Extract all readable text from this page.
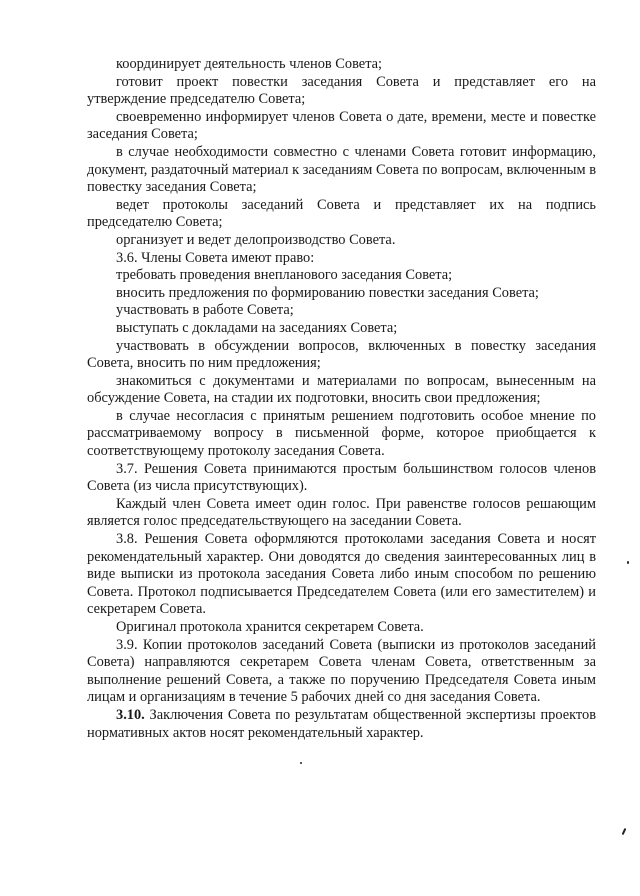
координирует деятельность членов Совета;

готовит проект повестки заседания Совета и представляет его на утверждение председателю Совета;

своевременно информирует членов Совета о дате, времени, месте и повестке заседания Совета;

в случае необходимости совместно с членами Совета готовит информацию, документ, раздаточный материал к заседаниям Совета по вопросам, включенным в повестку заседания Совета;

ведет протоколы заседаний Совета и представляет их на подпись председателю Совета;

организует и ведет делопроизводство Совета.

3.6. Члены Совета имеют право:

требовать проведения внепланового заседания Совета;

вносить предложения по формированию повестки заседания Совета;

участвовать в работе Совета;

выступать с докладами на заседаниях Совета;

участвовать в обсуждении вопросов, включенных в повестку заседания Совета, вносить по ним предложения;

знакомиться с документами и материалами по вопросам, вынесенным на обсуждение Совета, на стадии их подготовки, вносить свои предложения;

в случае несогласия с принятым решением подготовить особое мнение по рассматриваемому вопросу в письменной форме, которое приобщается к соответствующему протоколу заседания Совета.

3.7. Решения Совета принимаются простым большинством голосов членов Совета (из числа присутствующих).

Каждый член Совета имеет один голос. При равенстве голосов решающим является голос председательствующего на заседании Совета.

3.8. Решения Совета оформляются протоколами заседания Совета и носят рекомендательный характер. Они доводятся до сведения заинтересованных лиц в виде выписки из протокола заседания Совета либо иным способом по решению Совета. Протокол подписывается Председателем Совета (или его заместителем) и секретарем Совета.

Оригинал протокола хранится секретарем Совета.

3.9. Копии протоколов заседаний Совета (выписки из протоколов заседаний Совета) направляются секретарем Совета членам Совета, ответственным за выполнение решений Совета, а также по поручению Председателя Совета иным лицам и организациям в течение 5 рабочих дней со дня заседания Совета.

3.10. Заключения Совета по результатам общественной экспертизы проектов нормативных актов носят рекомендательный характер.
